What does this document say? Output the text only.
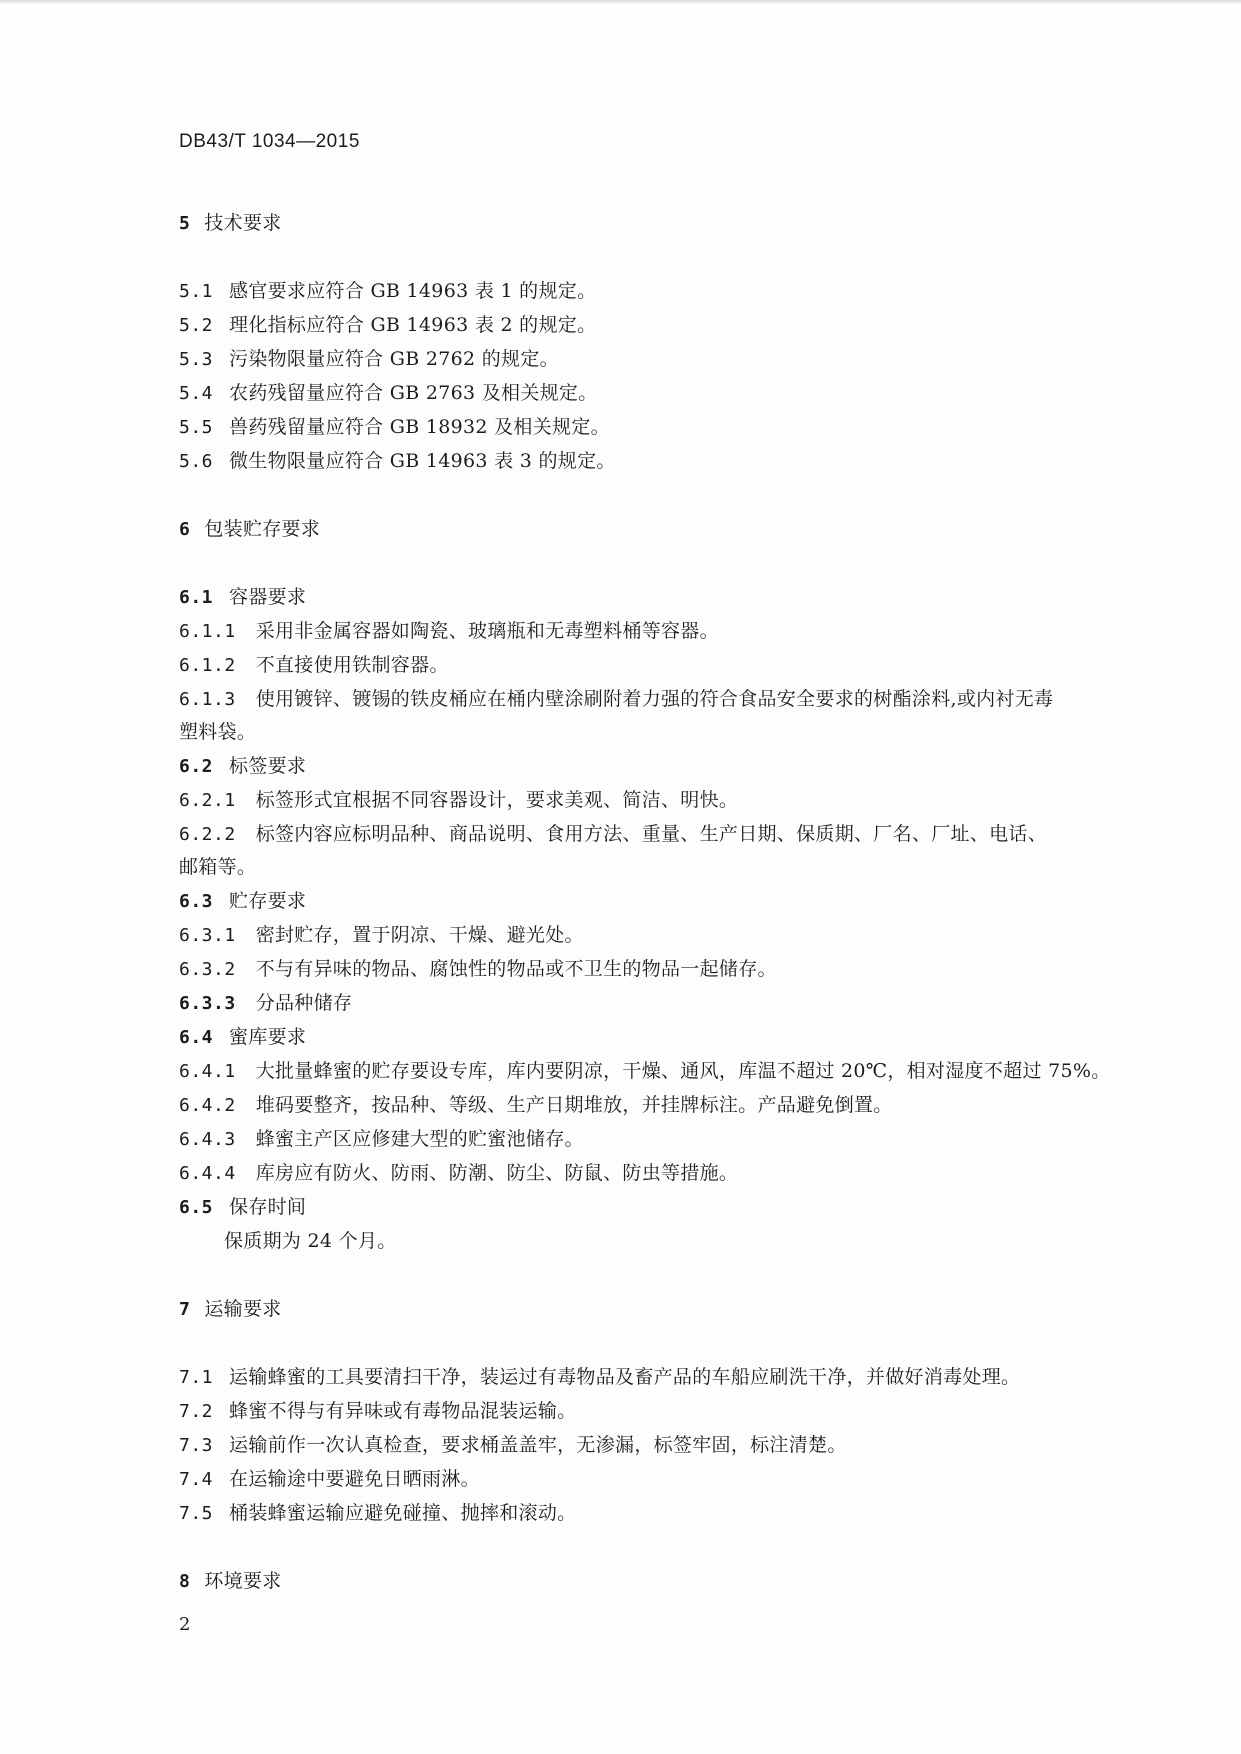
DB43/T 1034—2015
5 技术要求
5.1 感官要求应符合 GB 14963 表 1 的规定。
5.2 理化指标应符合 GB 14963 表 2 的规定。
5.3 污染物限量应符合 GB 2762 的规定。
5.4 农药残留量应符合 GB 2763 及相关规定。
5.5 兽药残留量应符合 GB 18932 及相关规定。
5.6 微生物限量应符合 GB 14963 表 3 的规定。
6 包装贮存要求
6.1 容器要求
6.1.1 采用非金属容器如陶瓷、玻璃瓶和无毒塑料桶等容器。
6.1.2 不直接使用铁制容器。
6.1.3 使用镀锌、镀锡的铁皮桶应在桶内壁涂刷附着力强的符合食品安全要求的树酯涂料,或内衬无毒
塑料袋。
6.2 标签要求
6.2.1 标签形式宜根据不同容器设计，要求美观、简洁、明快。
6.2.2 标签内容应标明品种、商品说明、食用方法、重量、生产日期、保质期、厂名、厂址、电话、
邮箱等。
6.3 贮存要求
6.3.1 密封贮存，置于阴凉、干燥、避光处。
6.3.2 不与有异味的物品、腐蚀性的物品或不卫生的物品一起储存。
6.3.3 分品种储存
6.4 蜜库要求
6.4.1 大批量蜂蜜的贮存要设专库，库内要阴凉，干燥、通风，库温不超过 20℃，相对湿度不超过 75%。
6.4.2 堆码要整齐，按品种、等级、生产日期堆放，并挂牌标注。产品避免倒置。
6.4.3 蜂蜜主产区应修建大型的贮蜜池储存。
6.4.4 库房应有防火、防雨、防潮、防尘、防鼠、防虫等措施。
6.5 保存时间
保质期为 24 个月。
7 运输要求
7.1 运输蜂蜜的工具要清扫干净，装运过有毒物品及畜产品的车船应刷洗干净，并做好消毒处理。
7.2 蜂蜜不得与有异味或有毒物品混装运输。
7.3 运输前作一次认真检查，要求桶盖盖牢，无渗漏，标签牢固，标注清楚。
7.4 在运输途中要避免日晒雨淋。
7.5 桶装蜂蜜运输应避免碰撞、抛摔和滚动。
8 环境要求
2
